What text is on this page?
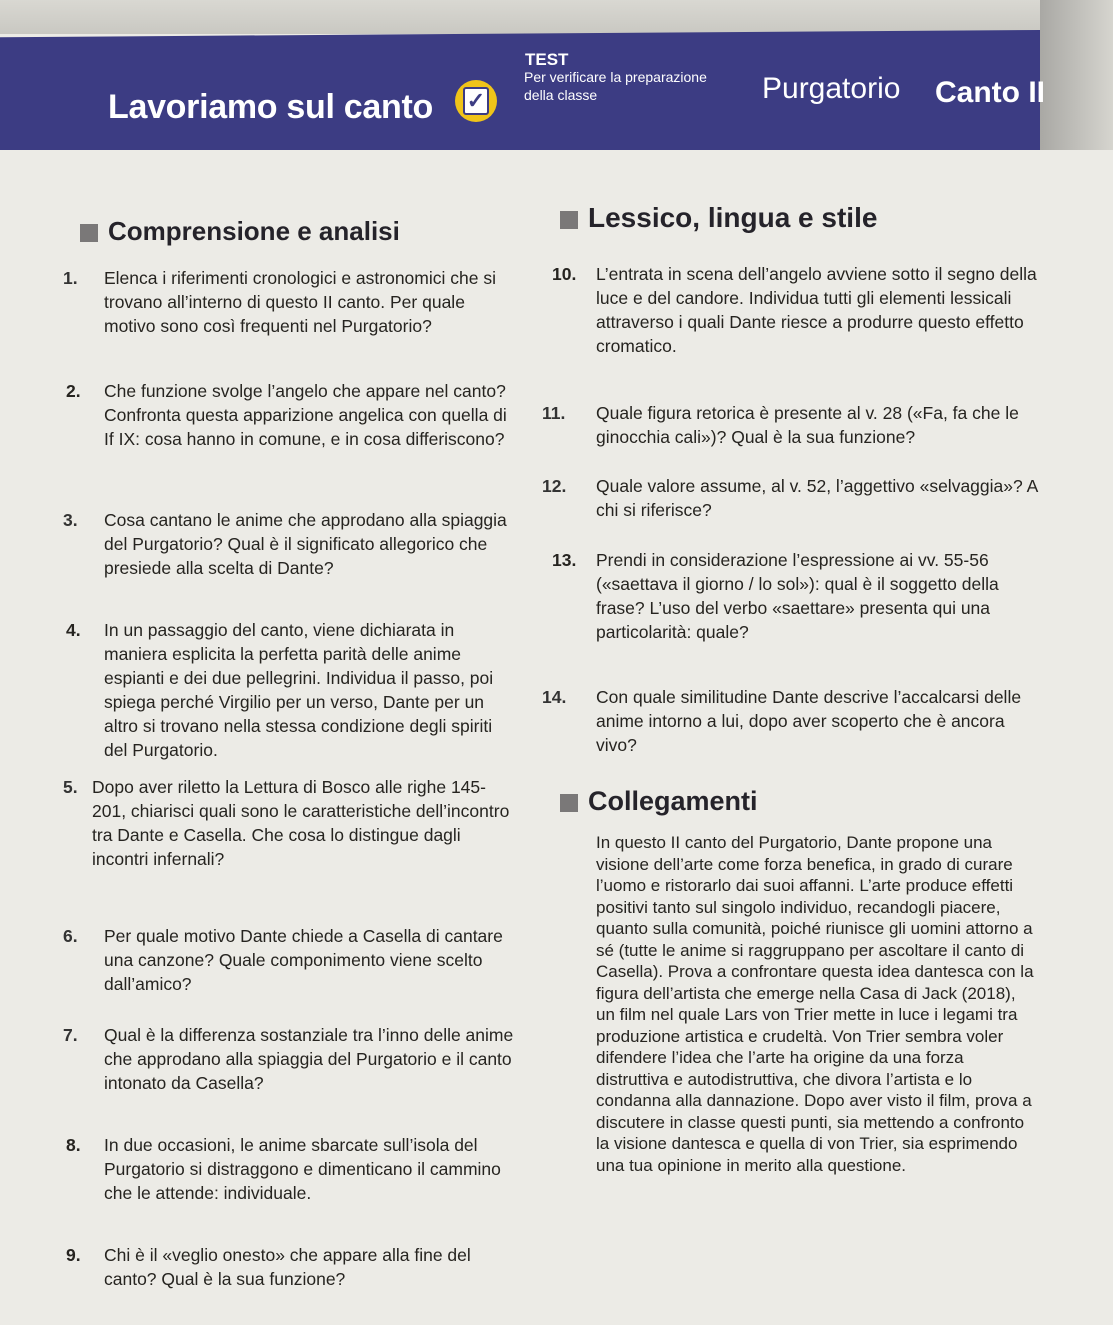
Lavoriamo sul canto ✓
TEST
Per verificare la preparazione della classe	Purgatorio Canto II
Comprensione e analisi	Lessico, lingua e stile
1. Elenca i riferimenti cronologici e astronomici che si trovano all’interno di questo II canto. Per quale motivo sono così frequenti nel Purgatorio?
2. Che funzione svolge l’angelo che appare nel canto? Confronta questa apparizione angelica con quella di If IX: cosa hanno in comune, e in cosa differiscono?
3. Cosa cantano le anime che approdano alla spiaggia del Purgatorio? Qual è il significato allegorico che presiede alla scelta di Dante?
4. In un passaggio del canto, viene dichiarata in maniera esplicita la perfetta parità delle anime espianti e dei due pellegrini. Individua il passo, poi spiega perché Virgilio per un verso, Dante per un altro si trovano nella stessa condizione degli spiriti del Purgatorio.
5. Dopo aver riletto la Lettura di Bosco alle righe 145-201, chiarisci quali sono le caratteristiche dell’incontro tra Dante e Casella. Che cosa lo distingue dagli incontri infernali?
6. Per quale motivo Dante chiede a Casella di cantare una canzone? Quale componimento viene scelto dall’amico?
7. Qual è la differenza sostanziale tra l’inno delle anime che approdano alla spiaggia del Purgatorio e il canto intonato da Casella?
8. In due occasioni, le anime sbarcate sull’isola del Purgatorio si distraggono e dimenticano il cammino che le attende: individuale.
9. Chi è il «veglio onesto» che appare alla fine del canto? Qual è la sua funzione?
10. L’entrata in scena dell’angelo avviene sotto il segno della luce e del candore. Individua tutti gli elementi lessicali attraverso i quali Dante riesce a produrre questo effetto cromatico.
11. Quale figura retorica è presente al v. 28 («Fa, fa che le ginocchia cali»)? Qual è la sua funzione?
12. Quale valore assume, al v. 52, l’aggettivo «selvaggia»? A chi si riferisce?
13. Prendi in considerazione l’espressione ai vv. 55-56 («saettava il giorno / lo sol»): qual è il soggetto della frase? L’uso del verbo «saettare» presenta qui una particolarità: quale?
14. Con quale similitudine Dante descrive l’accalcarsi delle anime intorno a lui, dopo aver scoperto che è ancora vivo?
Collegamenti
In questo II canto del Purgatorio, Dante propone una visione dell’arte come forza benefica, in grado di curare l’uomo e ristorarlo dai suoi affanni. L’arte produce effetti positivi tanto sul singolo individuo, recandogli piacere, quanto sulla comunità, poiché riunisce gli uomini attorno a sé (tutte le anime si raggruppano per ascoltare il canto di Casella). Prova a confrontare questa idea dantesca con la figura dell’artista che emerge nella Casa di Jack (2018), un film nel quale Lars von Trier mette in luce i legami tra produzione artistica e crudeltà. Von Trier sembra voler difendere l’idea che l’arte ha origine da una forza distruttiva e autodistruttiva, che divora l’artista e lo condanna alla dannazione. Dopo aver visto il film, prova a discutere in classe questi punti, sia mettendo a confronto la visione dantesca e quella di von Trier, sia esprimendo una tua opinione in merito alla questione.
